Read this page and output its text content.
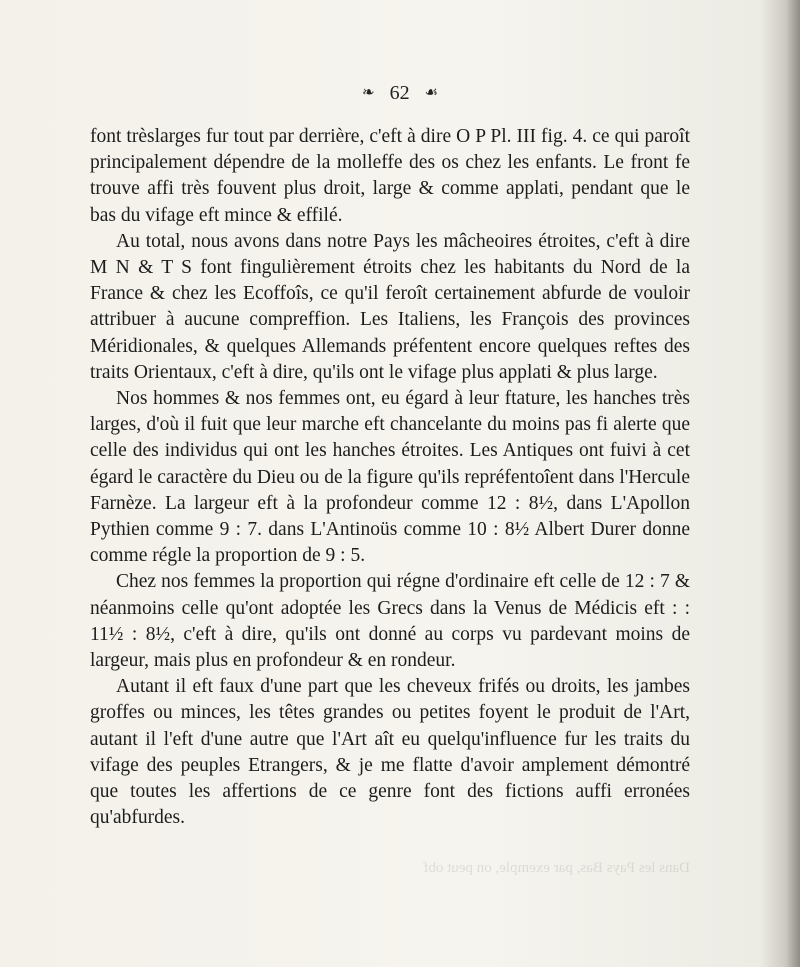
❧ 62 ☙

font trèslarges fur tout par derrière, c'eft à dire O P Pl. III fig. 4. ce qui paroît principalement dépendre de la molleffe des os chez les enfants. Le front fe trouve affi très fouvent plus droit, large & comme applati, pendant que le bas du vifage eft mince & effilé.

Au total, nous avons dans notre Pays les mâcheoires étroites, c'eft à dire M N & T S font fingulièrement étroits chez les habitants du Nord de la France & chez les Ecoffoîs, ce qu'il feroît certainement abfurde de vouloir attribuer à aucune compreffion. Les Italiens, les François des provinces Méridionales, & quelques Allemands préfentent encore quelques reftes des traits Orientaux, c'eft à dire, qu'ils ont le vifage plus applati & plus large.

Nos hommes & nos femmes ont, eu égard à leur ftature, les hanches très larges, d'où il fuit que leur marche eft chancelante du moins pas fi alerte que celle des individus qui ont les hanches étroites. Les Antiques ont fuivi à cet égard le caractère du Dieu ou de la figure qu'ils repréfentoîent dans l'Hercule Farnèze. La largeur eft à la profondeur comme 12 : 8½, dans L'Apollon Pythien comme 9 : 7. dans L'Antinoüs comme 10 : 8½ Albert Durer donne comme régle la proportion de 9 : 5.

Chez nos femmes la proportion qui régne d'ordinaire eft celle de 12 : 7 & néanmoins celle qu'ont adoptée les Grecs dans la Venus de Médicis eft : : 11½ : 8½, c'eft à dire, qu'ils ont donné au corps vu pardevant moins de largeur, mais plus en profondeur & en rondeur.

Autant il eft faux d'une part que les cheveux frifés ou droits, les jambes groffes ou minces, les têtes grandes ou petites foyent le produit de l'Art, autant il l'eft d'une autre que l'Art aît eu quelqu'influence fur les traits du vifage des peuples Etrangers, & je me flatte d'avoir amplement démontré que toutes les affertions de ce genre font des fictions auffi erronées qu'abfurdes.

Dans les Pays Bas, par exemple, on peut obf
